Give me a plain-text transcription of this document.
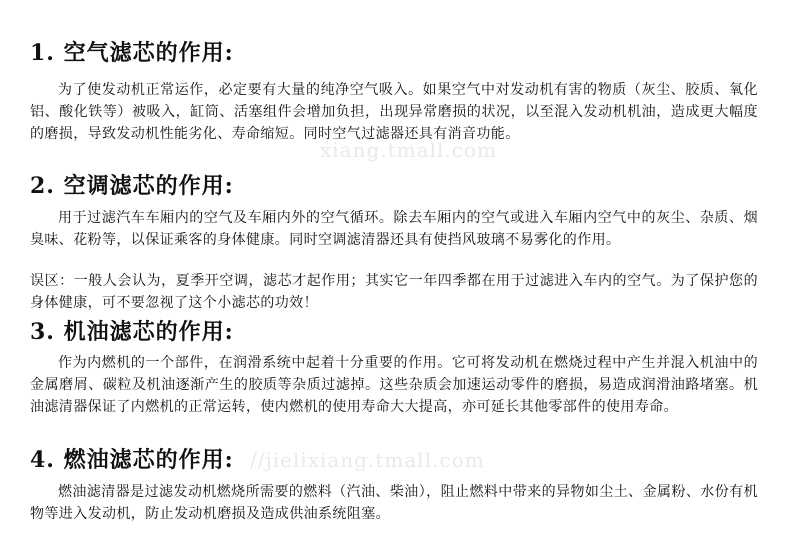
xiang.tmall.com
//jielixiang.tmall.com
1. 空气滤芯的作用:

为了使发动机正常运作，必定要有大量的纯净空气吸入。如果空气中对发动机有害的物质（灰尘、胶质、氧化铝、酸化铁等）被吸入，缸筒、活塞组件会增加负担，出现异常磨损的状况，以至混入发动机机油，造成更大幅度的磨损，导致发动机性能劣化、寿命缩短。同时空气过滤器还具有消音功能。

2. 空调滤芯的作用:

用于过滤汽车车厢内的空气及车厢内外的空气循环。除去车厢内的空气或进入车厢内空气中的灰尘、杂质、烟臭味、花粉等，以保证乘客的身体健康。同时空调滤清器还具有使挡风玻璃不易雾化的作用。

误区：一般人会认为，夏季开空调，滤芯才起作用；其实它一年四季都在用于过滤进入车内的空气。为了保护您的身体健康，可不要忽视了这个小滤芯的功效！

3. 机油滤芯的作用:

作为内燃机的一个部件，在润滑系统中起着十分重要的作用。它可将发动机在燃烧过程中产生并混入机油中的金属磨屑、碳粒及机油逐渐产生的胶质等杂质过滤掉。这些杂质会加速运动零件的磨损，易造成润滑油路堵塞。机油滤清器保证了内燃机的正常运转，使内燃机的使用寿命大大提高，亦可延长其他零部件的使用寿命。

4. 燃油滤芯的作用:

燃油滤清器是过滤发动机燃烧所需要的燃料（汽油、柴油），阻止燃料中带来的异物如尘土、金属粉、水份有机物等进入发动机，防止发动机磨损及造成供油系统阻塞。
